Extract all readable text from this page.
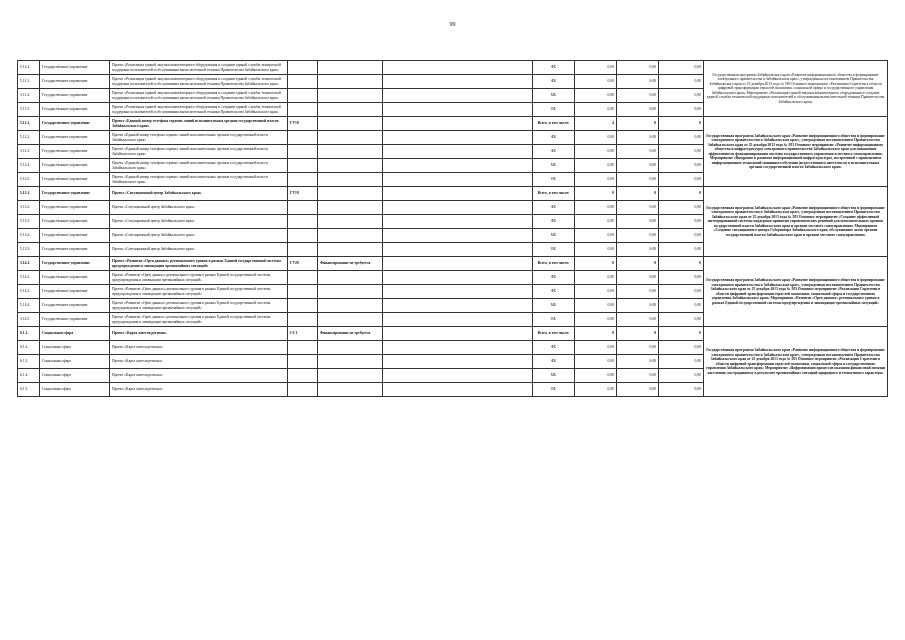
99
5.12.2.	Государственное управление	Проект «Реализация единой закупки компьютерного оборудования и создание единой службы технической поддержки пользователей и обслуживания вычислительной техники Правительства Забайкальского края»				ФБ	0,00	0,00	0,00	Государственная программа Забайкальского края «Развитие информационного общества и формирование электронного правительства в Забайкальском крае», утвержденная постановлением Правительства Забайкальского края от 25 декабря 2013 года № 583 Основное мероприятие «Реализация Стратегии в области цифровой трансформации отраслей экономики, социальной сферы и государственного управления Забайкальского края» Мероприятие «Реализация единой закупки компьютерного оборудования и создание единой службы технической поддержки пользователей и обслуживания вычислительной техники Правительства Забайкальского края»
5.11.3.	Государственное управление	Проект «Реализация единой закупки компьютерного оборудования и создание единой службы технической поддержки пользователей и обслуживания вычислительной техники Правительства Забайкальского края»				ФБ	0,00	0,00	0,00	
5.11.4.	Государственное управление	Проект «Реализация единой закупки компьютерного оборудования и создание единой службы технической поддержки пользователей и обслуживания вычислительной техники Правительства Забайкальского края»				МБ	0,00	0,00	0,00	
5.11.5.	Государственное управление	Проект «Реализация единой закупки компьютерного оборудования и создание единой службы технической поддержки пользователей и обслуживания вычислительной техники Правительства Забайкальского края»				ВБ	0,00	0,00	0,00	
5.12.1.	Государственное управление	Проект «Единый номер телефона горячих линий исполнительных органов государственной власти Забайкальского края»	ГУ18			Всего, в том числе:	4	0	0	Государственная программа Забайкальского края «Развитие информационного общества и формирование электронного правительства в Забайкальском крае», утвержденная постановлением Правительства Забайкальского края от 25 декабря 2013 года № 583 Основное мероприятие «Развитие информационного общества и инфраструктуры электронного правительства Забайкальского края для повышения эффективности функционирования системы государственного управления и местного самоуправления» Мероприятие «Внедрение и развитие информационной инфраструктуры, построенной с применением информационных технологий машинного обучения (искусственного интеллекта) в исполнительных органах государственной власти Забайкальского края»
5.12.2.	Государственное управление	Проект «Единый номер телефона горячих линий исполнительных органов государственной власти Забайкальского края»				ФБ	0,00	0,00	0,00	
5.12.3.	Государственное управление	Проект «Единый номер телефона горячих линий исполнительных органов государственной власти Забайкальского края»				ФБ	0,00	0,00	0,00	
5.12.4.	Государственное управление	Проект «Единый номер телефона горячих линий исполнительных органов государственной власти Забайкальского края»				МБ	0,00	0,00	0,00	
5.12.5.	Государственное управление	Проект «Единый номер телефона горячих линий исполнительных органов государственной власти Забайкальского края»				ВБ	0,00	0,00	0,00	
5.13.1.	Государственное управление	Проект «Ситуационный центр Забайкальского края»	ГУ19			Всего, в том числе:	0	0	0	Государственная программа Забайкальского края «Развитие информационного общества и формирование электронного правительства в Забайкальском крае», утвержденная постановлением Правительства Забайкальского края от 25 декабря 2013 года № 583 Основное мероприятие «Создание эффективной интегрированной системы поддержки принятия управленческих решений для исполнительных органов государственной власти Забайкальского края и органов местного самоуправления» Мероприятие «Создание ситуационного центра Губернатора Забайкальского края, обслуживание залов органов государственной власти Забайкальского края и органов местного самоуправления»
5.13.2.	Государственное управление	Проект «Ситуационный центр Забайкальского края»				ФБ	0,00	0,00	0,00	
5.13.3.	Государственное управление	Проект «Ситуационный центр Забайкальского края»				ФБ	0,00	0,00	0,00	
5.13.4.	Государственное управление	Проект «Ситуационный центр Забайкальского края»				МБ	0,00	0,00	0,00	
5.13.5.	Государственное управление	Проект «Ситуационный центр Забайкальского края»				ВБ	0,00	0,00	0,00	
5.14.1.	Государственное управление	Проект «Развитие «Open данных» регионального уровня в рамках Единой государственной системы предупреждения и ликвидации чрезвычайных ситуаций»	ГУ20	Финансирование не требуется		Всего, в том числе:	0	0	0	Государственная программа Забайкальского края «Развитие информационного общества и формирование электронного правительства в Забайкальском крае», утвержденная постановлением Правительства Забайкальского края от 25 декабря 2013 года № 583 Основное мероприятие «Реализация Стратегии в области цифровой трансформации отраслей экономики, социальной сферы и государственного управления Забайкальского края» Мероприятие «Развитие «Open данных» регионального уровня в рамках Единой государственной системы предупреждения и ликвидации чрезвычайных ситуаций»
5.14.2.	Государственное управление	Проект «Развитие «Open данных» регионального уровня в рамках Единой государственной системы предупреждения и ликвидации чрезвычайных ситуаций»				ФБ	0,00	0,00	0,00	
5.14.3.	Государственное управление	Проект «Развитие «Open данных» регионального уровня в рамках Единой государственной системы предупреждения и ликвидации чрезвычайных ситуаций»				ФБ	0,00	0,00	0,00	
5.14.4.	Государственное управление	Проект «Развитие «Open данных» регионального уровня в рамках Единой государственной системы предупреждения и ликвидации чрезвычайных ситуаций»				МБ	0,00	0,00	0,00	
5.14.5.	Государственное управление	Проект «Развитие «Open данных» регионального уровня в рамках Единой государственной системы предупреждения и ликвидации чрезвычайных ситуаций»				ВБ	0,00	0,00	0,00	
6.1.1.	Социальная сфера	Проект «Карта жителя региона»	СС1	Финансирование не требуется		Всего, в том числе:	0	0	0	Государственная программа Забайкальского края «Развитие информационного общества и формирование электронного правительства в Забайкальском крае», утвержденная постановлением Правительства Забайкальского края от 25 декабря 2013 года № 583 Основное мероприятие «Реализация Стратегии в области цифровой трансформации отраслей экономики, социальной сферы и государственного управления Забайкальского края» Мероприятие «Цифровизация процессов оказания финансовой помощи населению, пострадавшему в результате чрезвычайных ситуаций природного и техногенного характера»
6.1.2.	Социальная сфера	Проект «Карта жителя региона»				ФБ	0,00	0,00	0,00	
6.1.3.	Социальная сфера	Проект «Карта жителя региона»				ФБ	0,00	0,00	0,00	
6.1.4.	Социальная сфера	Проект «Карта жителя региона»				МБ	0,00	0,00	0,00	
6.1.5.	Социальная сфера	Проект «Карта жителя региона»				ВБ	0,00	0,00	0,00	
